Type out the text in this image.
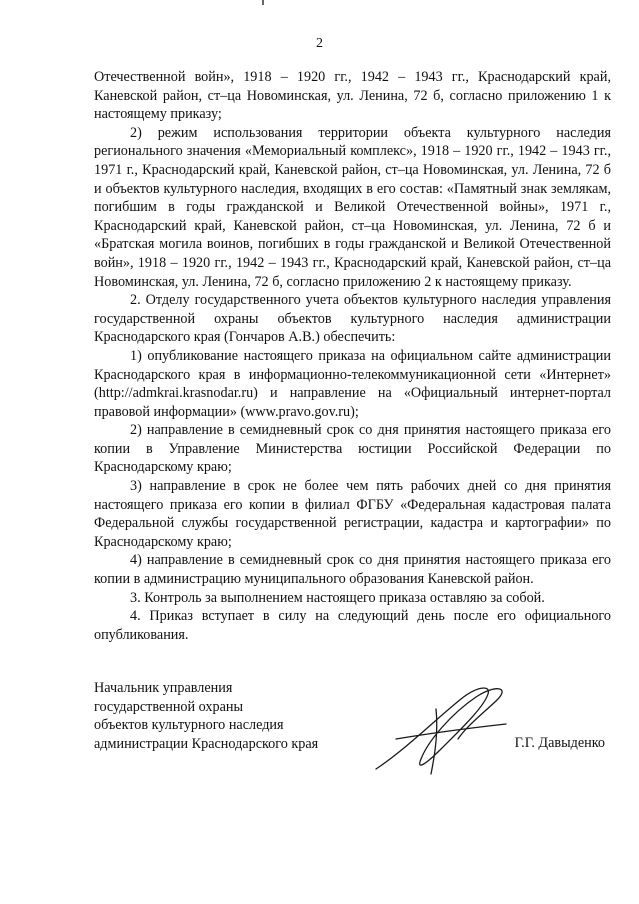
2

Отечественной войн», 1918 – 1920 гг., 1942 – 1943 гг., Краснодарский край, Каневской район, ст–ца Новоминская, ул. Ленина, 72 б, согласно приложению 1 к настоящему приказу;

2) режим использования территории объекта культурного наследия регионального значения «Мемориальный комплекс», 1918 – 1920 гг., 1942 – 1943 гг., 1971 г., Краснодарский край, Каневской район, ст–ца Новоминская, ул. Ленина, 72 б и объектов культурного наследия, входящих в его состав: «Памятный знак землякам, погибшим в годы гражданской и Великой Отечественной войны», 1971 г., Краснодарский край, Каневской район, ст–ца Новоминская, ул. Ленина, 72 б и «Братская могила воинов, погибших в годы гражданской и Великой Отечественной войн», 1918 – 1920 гг., 1942 – 1943 гг., Краснодарский край, Каневской район, ст–ца Новоминская, ул. Ленина, 72 б, согласно приложению 2 к настоящему приказу.

2. Отделу государственного учета объектов культурного наследия управления государственной охраны объектов культурного наследия администрации Краснодарского края (Гончаров А.В.) обеспечить:

1) опубликование настоящего приказа на официальном сайте администрации Краснодарского края в информационно-телекоммуникационной сети «Интернет» (http://admkrai.krasnodar.ru) и направление на «Официальный интернет-портал правовой информации» (www.pravo.gov.ru);

2) направление в семидневный срок со дня принятия настоящего приказа его копии в Управление Министерства юстиции Российской Федерации по Краснодарскому краю;

3) направление в срок не более чем пять рабочих дней со дня принятия настоящего приказа его копии в филиал ФГБУ «Федеральная кадастровая палата Федеральной службы государственной регистрации, кадастра и картографии» по Краснодарскому краю;

4) направление в семидневный срок со дня принятия настоящего приказа его копии в администрацию муниципального образования Каневской район.

3. Контроль за выполнением настоящего приказа оставляю за собой.

4. Приказ вступает в силу на следующий день после его официального опубликования.

Начальник управления
государственной охраны
объектов культурного наследия
администрации Краснодарского края	Г.Г. Давыденко
